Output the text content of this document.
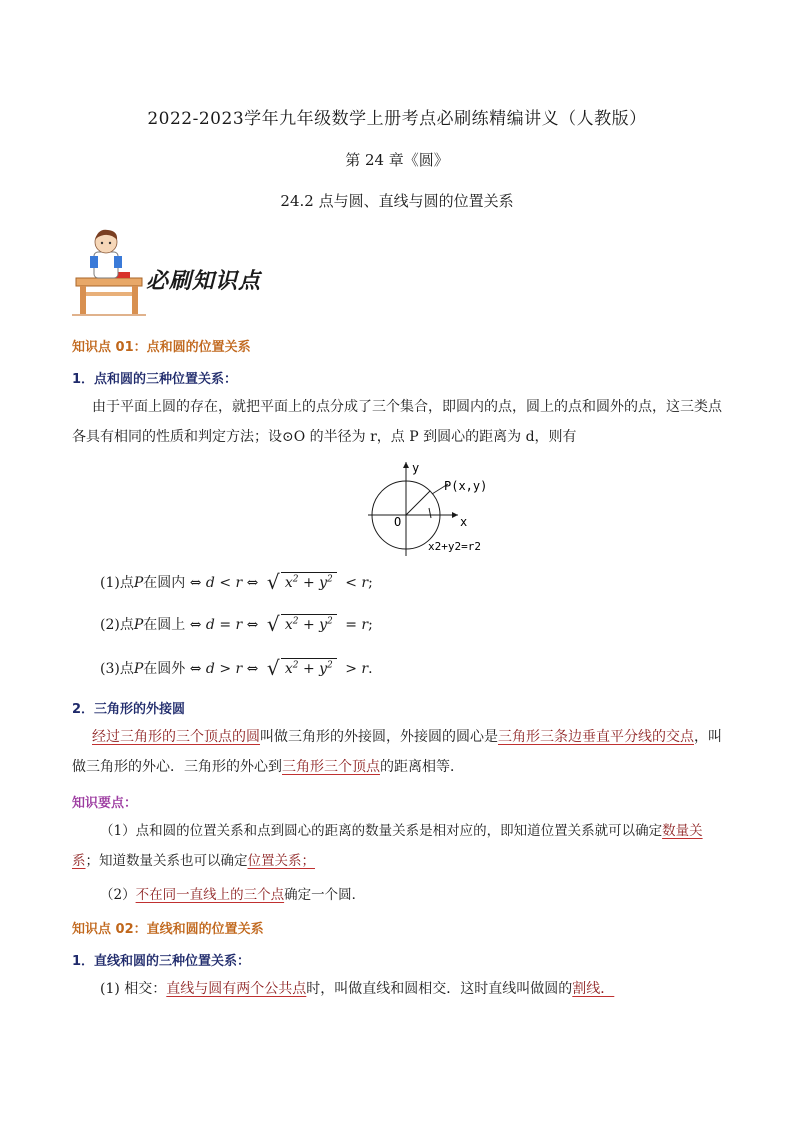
2022-2023学年九年级数学上册考点必刷练精编讲义（人教版）
第 24 章《圆》
24.2 点与圆、直线与圆的位置关系
必刷知识点
知识点 01：点和圆的位置关系
1．点和圆的三种位置关系：
由于平面上圆的存在，就把平面上的点分成了三个集合，即圆内的点，圆上的点和圆外的点，这三类点
各具有相同的性质和判定方法；设⊙O 的半径为 r，点 P 到圆心的距离为 d，则有
y
x
O
P(x,y)
x2+y2=r2
(1)点P在圆内 ⇔ d < r ⇔ √ $x^2 + y^2 < r$;
(2)点P在圆上 ⇔ d = r ⇔ √ $x^2 + y^2 = r$;
(3)点P在圆外 ⇔ d > r ⇔ √ $x^2 + y^2 > r$.
2．三角形的外接圆
经过三角形的三个顶点的圆叫做三角形的外接圆，外接圆的圆心是三角形三条边垂直平分线的交点，叫
做三角形的外心．三角形的外心到三角形三个顶点的距离相等．
知识要点：
（1）点和圆的位置关系和点到圆心的距离的数量关系是相对应的，即知道位置关系就可以确定数量关
系；知道数量关系也可以确定位置关系；
（2）不在同一直线上的三个点确定一个圆．
知识点 02：直线和圆的位置关系
1．直线和圆的三种位置关系：
(1) 相交：直线与圆有两个公共点时，叫做直线和圆相交．这时直线叫做圆的割线．
